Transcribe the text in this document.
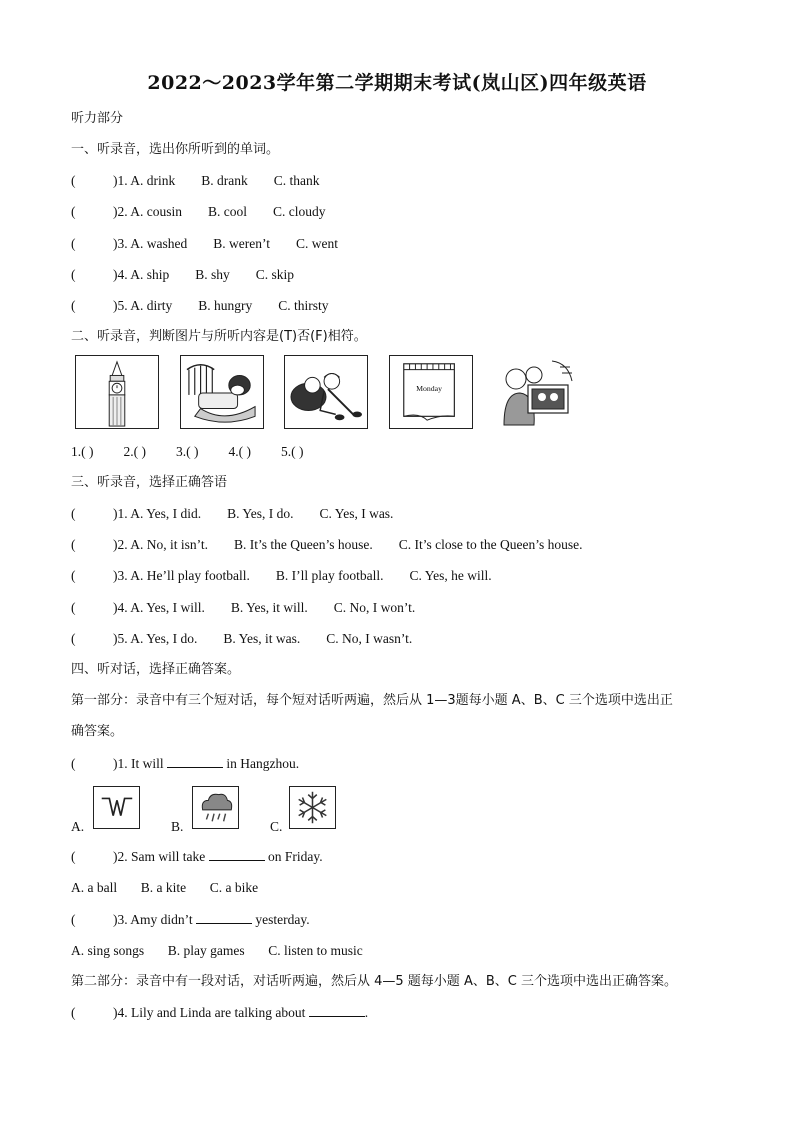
2022～2023学年第二学期期末考试(岚山区)四年级英语
听力部分
一、听录音，选出你所听到的单词。
(	)1. A. drink B. drank C. thank
(	)2. A. cousin B. cool C. cloudy
(	)3. A. washed B. weren’t C. went
(	)4. A. ship B. shy C. skip
(	)5. A. dirty B. hungry C. thirsty
二、听录音，判断图片与所听内容是(T)否(F)相符。
Monday
1.( ) 2.( ) 3.( ) 4.( ) 5.( )
三、听录音，选择正确答语
(	)1. A. Yes, I did. B. Yes, I do. C. Yes, I was.
(	)2. A. No, it isn’t. B. It’s the Queen’s house. C. It’s close to the Queen’s house.
(	)3. A. He’ll play football. B. I’ll play football. C. Yes, he will.
(	)4. A. Yes, I will. B. Yes, it will. C. No, I won’t.
(	)5. A. Yes, I do. B. Yes, it was. C. No, I wasn’t.
四、听对话，选择正确答案。
第一部分：录音中有三个短对话，每个短对话听两遍，然后从 1—3题每小题 A、B、C 三个选项中选出正
确答案。
(	)1. It will	in Hangzhou.
A.	B.	C.
(	)2. Sam will take	on Friday.
A. a ball       B. a kite       C. a bike
(	)3. Amy didn’t	yesterday.
A. sing songs       B. play games       C. listen to music
第二部分：录音中有一段对话，对话听两遍，然后从 4—5 题每小题 A、B、C 三个选项中选出正确答案。
(	)4. Lily and Linda are talking about	.
